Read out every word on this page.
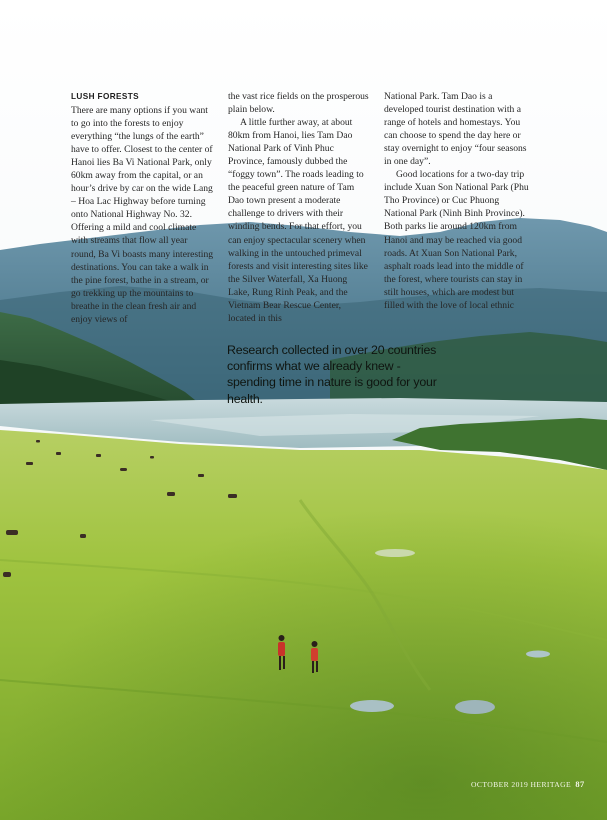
LUSH FORESTS

There are many options if you want to go into the forests to enjoy everything “the lungs of the earth” have to offer. Closest to the center of Hanoi lies Ba Vi National Park, only 60km away from the capital, or an hour’s drive by car on the wide Lang – Hoa Lac Highway before turning onto National Highway No. 32. Offering a mild and cool climate with streams that flow all year round, Ba Vi boasts many interesting destinations. You can take a walk in the pine forest, bathe in a stream, or go trekking up the mountains to breathe in the clean fresh air and enjoy views of

the vast rice fields on the prosperous plain below.

A little further away, at about 80km from Hanoi, lies Tam Dao National Park of Vinh Phuc Province, famously dubbed the “foggy town”. The roads leading to the peaceful green nature of Tam Dao town present a moderate challenge to drivers with their winding bends. For that effort, you can enjoy spectacular scenery when walking in the untouched primeval forests and visit interesting sites like the Silver Waterfall, Xa Huong Lake, Rung Rinh Peak, and the Vietnam Bear Rescue Center, located in this

National Park. Tam Dao is a developed tourist destination with a range of hotels and homestays. You can choose to spend the day here or stay overnight to enjoy “four seasons in one day”.

Good locations for a two-day trip include Xuan Son National Park (Phu Tho Province) or Cuc Phuong National Park (Ninh Binh Province). Both parks lie around 120km from Hanoi and may be reached via good roads. At Xuan Son National Park, asphalt roads lead into the middle of the forest, where tourists can stay in stilt houses, which are modest but filled with the love of local ethnic

Research collected in over 20 countries confirms what we already knew - spending time in nature is good for your health.
OCTOBER 2019 HERITAGE 87
